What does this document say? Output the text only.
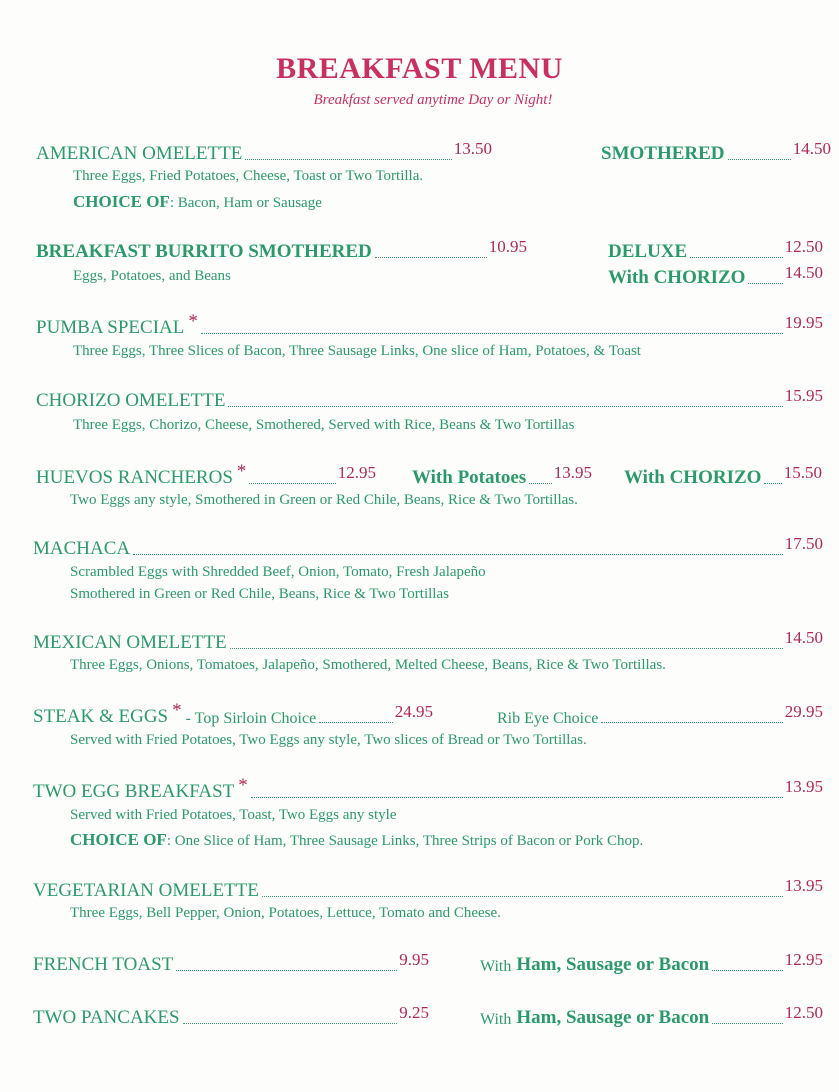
BREAKFAST MENU
Breakfast served anytime Day or Night!
AMERICAN OMELETTE	13.50
Three Eggs, Fried Potatoes, Cheese, Toast or Two Tortilla.
CHOICE OF: Bacon, Ham or Sausage
SMOTHERED	14.50
BREAKFAST BURRITO SMOTHERED	10.95
Eggs, Potatoes, and Beans
DELUXE	12.50
With CHORIZO 14.50
PUMBA SPECIAL *	19.95
Three Eggs, Three Slices of Bacon, Three Sausage Links, One slice of Ham, Potatoes, & Toast
CHORIZO OMELETTE	15.95
Three Eggs, Chorizo, Cheese, Smothered, Served with Rice, Beans & Two Tortillas
HUEVOS RANCHEROS *	12.95 With Potatoes 13.95 With CHORIZO 15.50
Two Eggs any style, Smothered in Green or Red Chile, Beans, Rice & Two Tortillas.
MACHACA	17.50
Scrambled Eggs with Shredded Beef, Onion, Tomato, Fresh Jalapeño
Smothered in Green or Red Chile, Beans, Rice & Two Tortillas
MEXICAN OMELETTE	14.50
Three Eggs, Onions, Tomatoes, Jalapeño, Smothered, Melted Cheese, Beans, Rice & Two Tortillas.
STEAK & EGGS * - Top Sirloin Choice	24.95	Rib Eye Choice	29.95
Served with Fried Potatoes, Two Eggs any style, Two slices of Bread or Two Tortillas.
TWO EGG BREAKFAST *	13.95
Served with Fried Potatoes, Toast, Two Eggs any style
CHOICE OF: One Slice of Ham, Three Sausage Links, Three Strips of Bacon or Pork Chop.
VEGETARIAN OMELETTE	13.95
Three Eggs, Bell Pepper, Onion, Potatoes, Lettuce, Tomato and Cheese.
FRENCH TOAST	9.95	With Ham, Sausage or Bacon	12.95
TWO PANCAKES	9.25	With Ham, Sausage or Bacon	12.50
